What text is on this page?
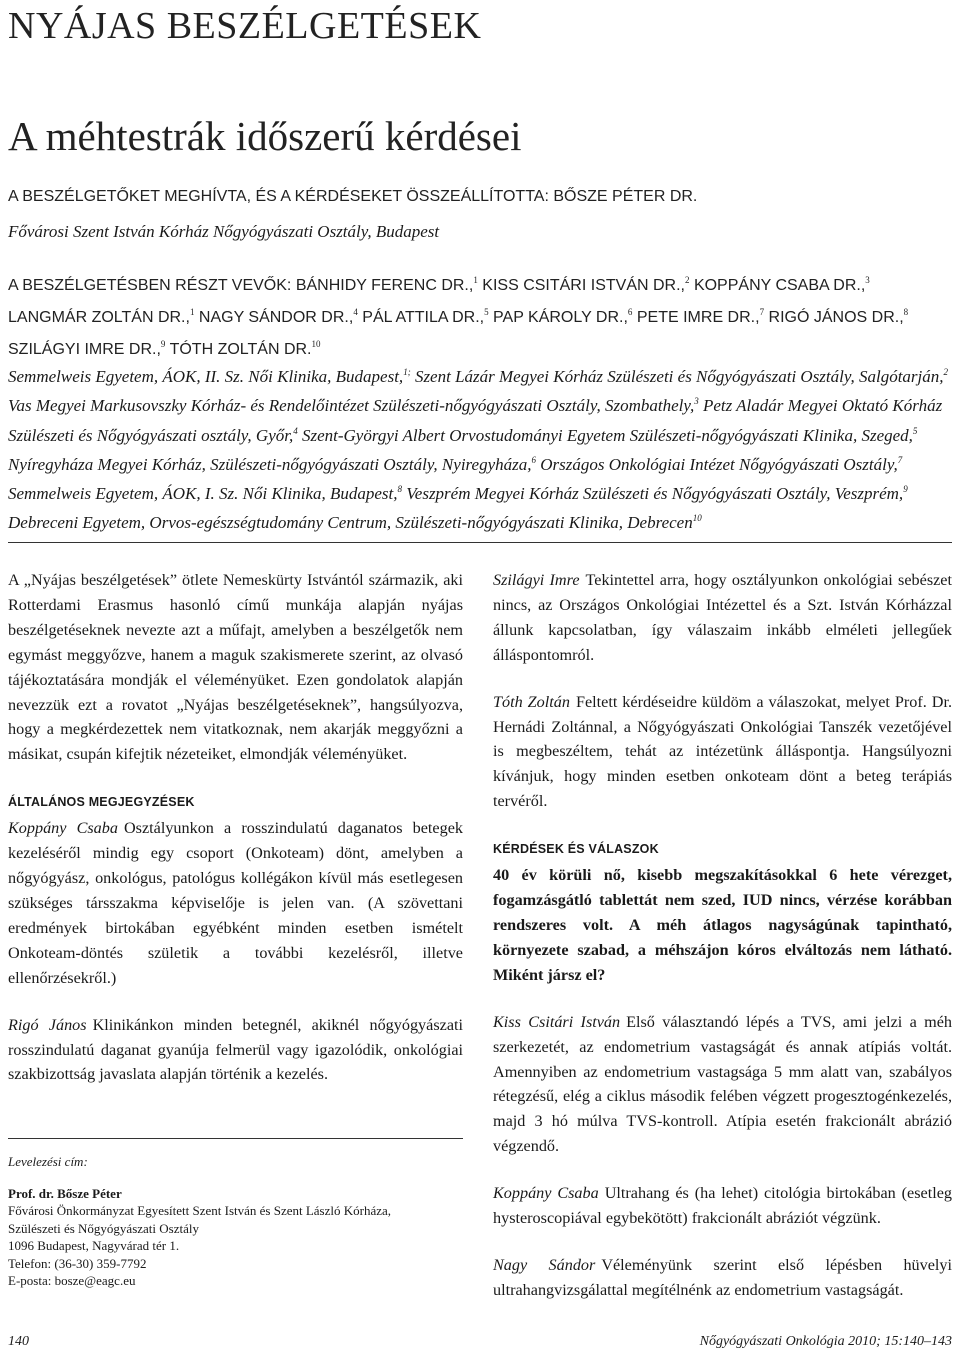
NYÁJAS BESZÉLGETÉSEK
A méhtestrák időszerű kérdései
A BESZÉLGETŐKET MEGHÍVTA, ÉS A KÉRDÉSEKET ÖSSZEÁLLÍTOTTA: BŐSZE PÉTER DR.
Fővárosi Szent István Kórház Nőgyógyászati Osztály, Budapest
A BESZÉLGETÉSBEN RÉSZT VEVŐK: BÁNHIDY FERENC DR.,$^1$ KISS CSITÁRI ISTVÁN DR.,$^2$ KOPPÁNY CSABA DR.,$^3$ LANGMÁR ZOLTÁN DR.,$^1$ NAGY SÁNDOR DR.,$^4$ PÁL ATTILA DR.,$^5$ PAP KÁROLY DR.,$^6$ PETE IMRE DR.,$^7$ RIGÓ JÁNOS DR.,$^8$ SZILÁGYI IMRE DR.,$^9$ TÓTH ZOLTÁN DR.$^{10}$
Semmelweis Egyetem, ÁOK, II. Sz. Női Klinika, Budapest,$^{1;}$ Szent Lázár Megyei Kórház Szülészeti és Nőgyógyászati Osztály, Salgótarján,$^2$ Vas Megyei Markusovszky Kórház- és Rendelőintézet Szülészeti-nőgyógyászati Osztály, Szombathely,$^3$ Petz Aladár Megyei Oktató Kórház Szülészeti és Nőgyógyászati osztály, Győr,$^4$ Szent-Györgyi Albert Orvostudományi Egyetem Szülészeti-nőgyógyászati Klinika, Szeged,$^5$ Nyíregyháza Megyei Kórház, Szülészeti-nőgyógyászati Osztály, Nyiregyháza,$^6$ Országos Onkológiai Intézet Nőgyógyászati Osztály,$^7$ Semmelweis Egyetem, ÁOK, I. Sz. Női Klinika, Budapest,$^8$ Veszprém Megyei Kórház Szülészeti és Nőgyógyászati Osztály, Veszprém,$^9$ Debreceni Egyetem, Orvos-egészségtudomány Centrum, Szülészeti-nőgyógyászati Klinika, Debrecen$^{10}$

A „Nyájas beszélgetések” ötlete Nemeskürty Istvántól származik, aki Rotterdami Erasmus hasonló című munkája alapján nyájas beszélgetéseknek nevezte azt a műfajt, amelyben a beszélgetők nem egymást meggyőzve, hanem a maguk szakismerete szerint, az olvasó tájékoztatására mondják el véleményüket. Ezen gondolatok alapján nevezzük ezt a rovatot „Nyájas beszélgetéseknek”, hangsúlyozva, hogy a megkérdezettek nem vitatkoznak, nem akarják meggyőzni a másikat, csupán kifejtik nézeteiket, elmondják véleményüket.

ÁLTALÁNOS MEGJEGYZÉSEK

Koppány Csaba Osztályunkon a rosszindulatú daganatos betegek kezeléséről mindig egy csoport (Onkoteam) dönt, amelyben a nőgyógyász, onkológus, patológus kollégákon kívül más esetlegesen szükséges társszakma képviselője is jelen van. (A szövettani eredmények birtokában egyébként minden esetben ismételt Onkoteam-döntés születik a további kezelésről, illetve ellenőrzésekről.)

Rigó János Klinikánkon minden betegnél, akiknél nőgyógyászati rosszindulatú daganat gyanúja felmerül vagy igazolódik, onkológiai szakbizottság javaslata alapján történik a kezelés.

Szilágyi Imre Tekintettel arra, hogy osztályunkon onkológiai sebészet nincs, az Országos Onkológiai Intézettel és a Szt. István Kórházzal állunk kapcsolatban, így válaszaim inkább elméleti jellegűek álláspontomról.

Tóth Zoltán Feltett kérdéseidre küldöm a válaszokat, melyet Prof. Dr. Hernádi Zoltánnal, a Nőgyógyászati Onkológiai Tanszék vezetőjével is megbeszéltem, tehát az intézetünk álláspontja. Hangsúlyozni kívánjuk, hogy minden esetben onkoteam dönt a beteg terápiás tervéről.

KÉRDÉSEK ÉS VÁLASZOK

40 év körüli nő, kisebb megszakításokkal 6 hete vérezget, fogamzásgátló tablettát nem szed, IUD nincs, vérzése korábban rendszeres volt. A méh átlagos nagyságúnak tapintható, környezete szabad, a méhszájon kóros elváltozás nem látható. Miként jársz el?

Kiss Csitári István Első választandó lépés a TVS, ami jelzi a méh szerkezetét, az endometrium vastagságát és annak atípiás voltát. Amennyiben az endometrium vastagsága 5 mm alatt van, szabályos rétegzésű, elég a ciklus második felében végzett progesztogénkezelés, majd 3 hó múlva TVS-kontroll. Atípia esetén frakcionált abrázió végzendő.

Koppány Csaba Ultrahang és (ha lehet) citológia birtokában (esetleg hysteroscopiával egybekötött) frakcionált abráziót végzünk.

Nagy Sándor Véleményünk szerint első lépésben hüvelyi ultrahangvizsgálattal megítélnénk az endometrium vastagságát.

Levelezési cím:
Prof. dr. Bősze Péter
Fővárosi Önkormányzat Egyesített Szent István és Szent László Kórháza,
Szülészeti és Nőgyógyászati Osztály
1096 Budapest, Nagyvárad tér 1.
Telefon: (36-30) 359-7792
E-posta: bosze@eagc.eu
140	Nőgyógyászati Onkológia 2010; 15:140–143
